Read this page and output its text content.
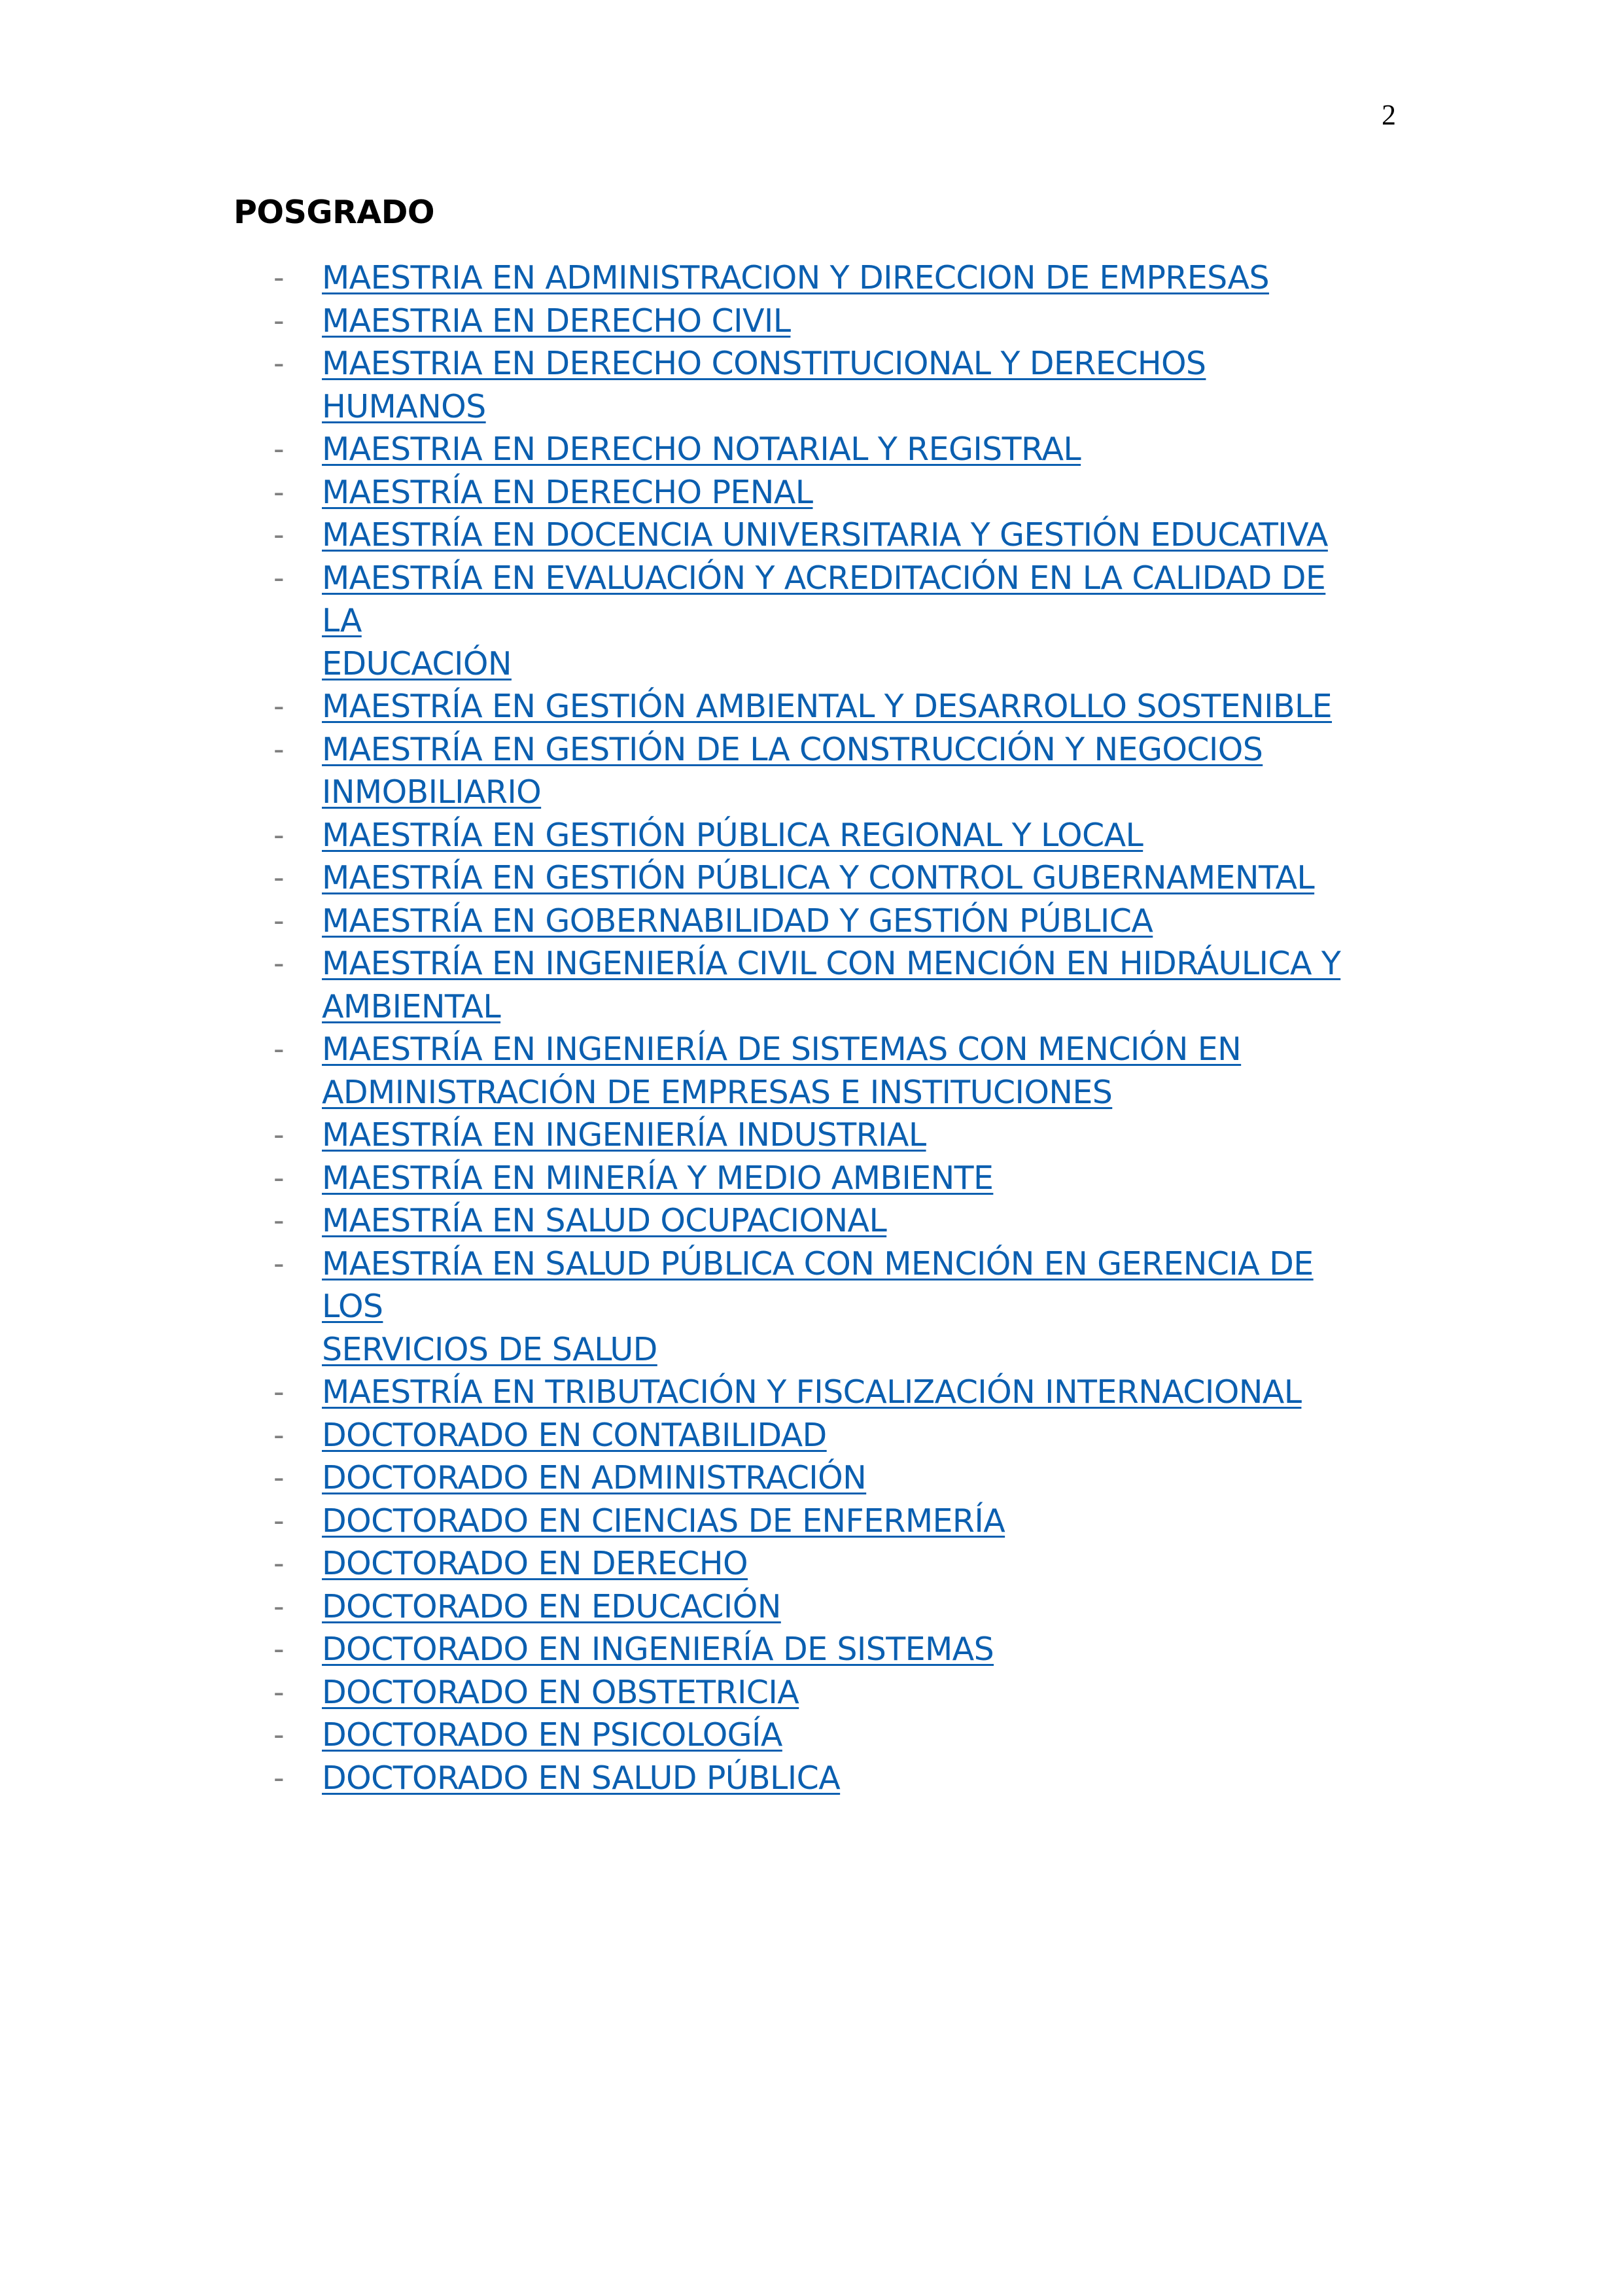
2
POSGRADO
- MAESTRIA EN ADMINISTRACION Y DIRECCION DE EMPRESAS
- MAESTRIA EN DERECHO CIVIL
- MAESTRIA EN DERECHO CONSTITUCIONAL Y DERECHOS HUMANOS
- MAESTRIA EN DERECHO NOTARIAL Y REGISTRAL
- MAESTRÍA EN DERECHO PENAL
- MAESTRÍA EN DOCENCIA UNIVERSITARIA Y GESTIÓN EDUCATIVA
- MAESTRÍA EN EVALUACIÓN Y ACREDITACIÓN EN LA CALIDAD DE LA
EDUCACIÓN
- MAESTRÍA EN GESTIÓN AMBIENTAL Y DESARROLLO SOSTENIBLE
- MAESTRÍA EN GESTIÓN DE LA CONSTRUCCIÓN Y NEGOCIOS
INMOBILIARIO
- MAESTRÍA EN GESTIÓN PÚBLICA REGIONAL Y LOCAL
- MAESTRÍA EN GESTIÓN PÚBLICA Y CONTROL GUBERNAMENTAL
- MAESTRÍA EN GOBERNABILIDAD Y GESTIÓN PÚBLICA
- MAESTRÍA EN INGENIERÍA CIVIL CON MENCIÓN EN HIDRÁULICA Y
AMBIENTAL
- MAESTRÍA EN INGENIERÍA DE SISTEMAS CON MENCIÓN EN
ADMINISTRACIÓN DE EMPRESAS E INSTITUCIONES
- MAESTRÍA EN INGENIERÍA INDUSTRIAL
- MAESTRÍA EN MINERÍA Y MEDIO AMBIENTE
- MAESTRÍA EN SALUD OCUPACIONAL
- MAESTRÍA EN SALUD PÚBLICA CON MENCIÓN EN GERENCIA DE LOS
SERVICIOS DE SALUD
- MAESTRÍA EN TRIBUTACIÓN Y FISCALIZACIÓN INTERNACIONAL
- DOCTORADO EN CONTABILIDAD
- DOCTORADO EN ADMINISTRACIÓN
- DOCTORADO EN CIENCIAS DE ENFERMERÍA
- DOCTORADO EN DERECHO
- DOCTORADO EN EDUCACIÓN
- DOCTORADO EN INGENIERÍA DE SISTEMAS
- DOCTORADO EN OBSTETRICIA
- DOCTORADO EN PSICOLOGÍA
- DOCTORADO EN SALUD PÚBLICA
